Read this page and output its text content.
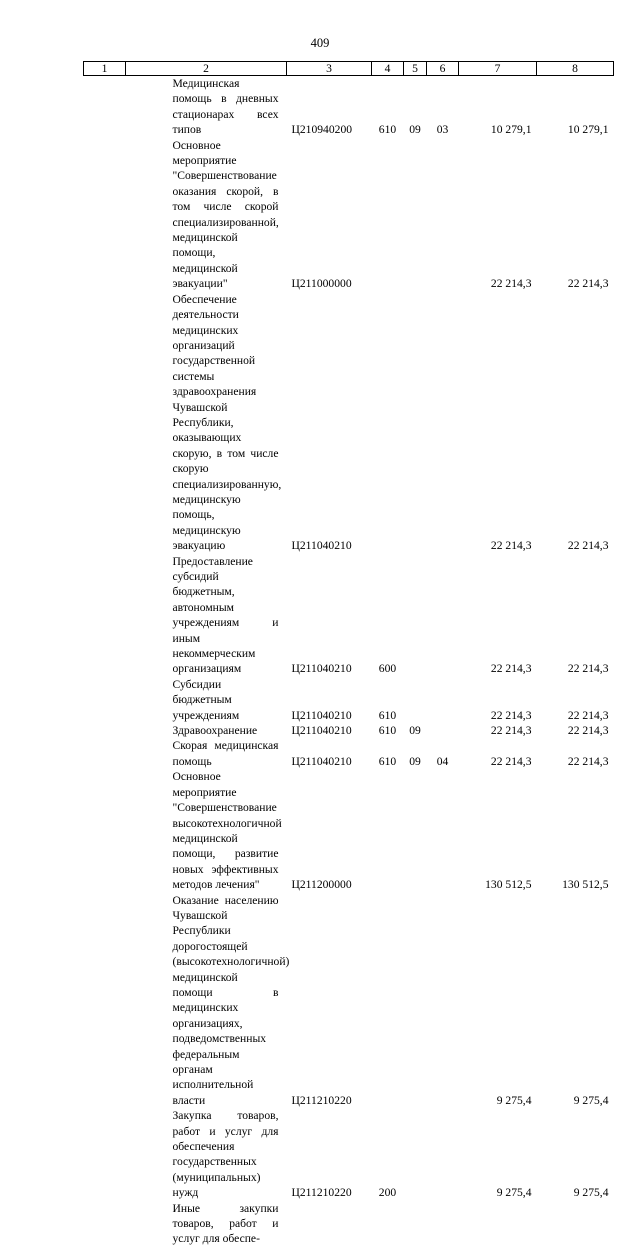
409
1	2	3	4	5	6	7	8
	Медицинская помощь в дневных стационарах всех типов	Ц210940200	610	09	03	10 279,1	10 279,1
	Основное мероприятие "Совершенствование оказания скорой, в том числе скорой специализированной, медицинской помощи, медицинской эвакуации"	Ц211000000				22 214,3	22 214,3
	Обеспечение деятельности медицинских организаций государственной системы здравоохранения Чувашской Республики, оказывающих скорую, в том числе скорую специализированную, медицинскую помощь, медицинскую эвакуацию	Ц211040210				22 214,3	22 214,3
	Предоставление субсидий бюджетным, автономным учреждениям и иным некоммерческим организациям	Ц211040210	600			22 214,3	22 214,3
	Субсидии бюджетным учреждениям	Ц211040210	610			22 214,3	22 214,3
	Здравоохранение	Ц211040210	610	09		22 214,3	22 214,3
	Скорая медицинская помощь	Ц211040210	610	09	04	22 214,3	22 214,3
	Основное мероприятие "Совершенствование высокотехнологичной медицинской помощи, развитие новых эффективных методов лечения"	Ц211200000				130 512,5	130 512,5
	Оказание населению Чувашской Республики дорогостоящей (высокотехнологичной) медицинской помощи в медицинских организациях, подведомственных федеральным органам исполнительной власти	Ц211210220				9 275,4	9 275,4
	Закупка товаров, работ и услуг для обеспечения государственных (муниципальных) нужд	Ц211210220	200			9 275,4	9 275,4
	Иные закупки товаров, работ и услуг для обеспе-						
